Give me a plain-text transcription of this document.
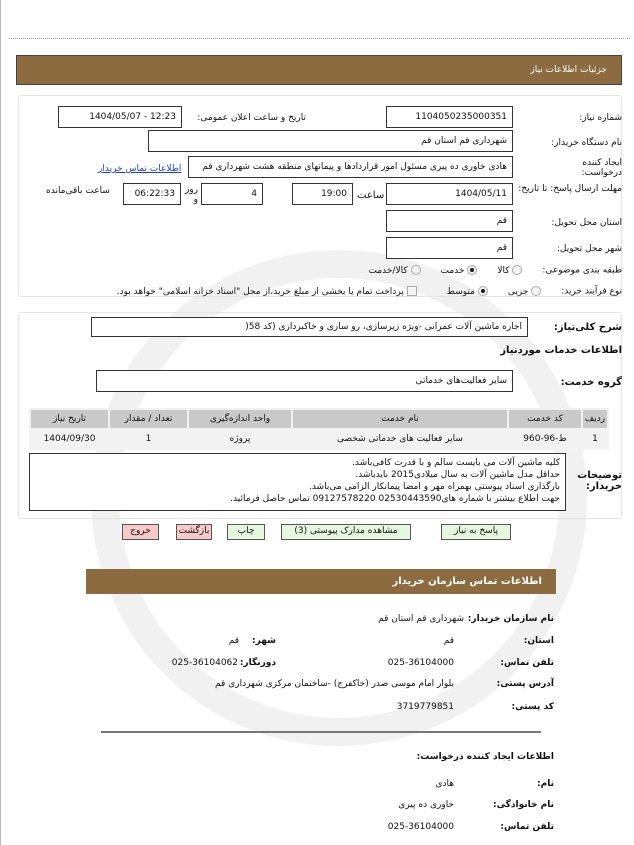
جزئیات اطلاعات نیاز
شماره نیاز:
1104050235000351
تاریخ و ساعت اعلان عمومی:
1404/05/07 - 12:23
نام دستگاه خریدار:
شهرداری قم استان قم
ایجاد کننده درخواست:
هادی خاوری ده پیری مسئول امور قراردادها و پیمانهای منطقه هشت شهرداری قم
اطلاعات تماس خریدار
مهلت ارسال پاسخ: تا تاریخ:
1404/05/11
ساعت
19:00
4
روز و
06:22:33
ساعت باقی‌مانده
استان محل تحویل:
قم
شهر محل تحویل:
قم
طبقه بندی موضوعی: کالا خدمت کالا/خدمت
نوع فرآیند خرید: جزیی متوسط پرداخت تمام یا بخشی از مبلغ خرید،از محل "اسناد خزانه اسلامی" خواهد بود.
شرح کلی‌نیاز:
اجاره ماشین آلات عمرانی -ویژه زیرسازی، رو سازی و خاکبرداری (کد 58(
اطلاعات خدمات موردنیاز
گروه خدمت:
سایر فعالیت‌های خدماتی
ردیف	کد خدمت	نام خدمت	واحد اندازه‌گیری	تعداد / مقدار	تاریخ نیاز
1	ط-96-960	سایر فعالیت های خدماتی شخصی	پروژه	1	1404/09/30
توضیحات خریدار:
کلیه ماشین آلات می بایست سالم و با قدرت کافی‌باشد.
حداقل مدل ماشین آلات به سال میلادی2015 بایدباشد.
بارگذاری اسناد پیوستی بهمراه مهر و امضا پیمانکار الزامی می‌باشد.
جهت اطلاع بیشتر با شماره های02530443590 09127578220 تماس حاصل فرمائید.
پاسخ به نیاز
مشاهده مدارک پیوستی (3)
چاپ
بازگشت
خروج
اطلاعات تماس سازمان خریدار
نام سازمان خریدار:
شهرداری قم استان قم
استان:
قم
شهر:
قم
تلفن تماس:
025-36104000
دورنگار:
025-36104062
آدرس پستی:
بلوار امام موسی صدر (خاکفرج) -ساختمان مرکزی شهرداری قم
کد پستی:
3719779851
اطلاعات ایجاد کننده درخواست:
نام:
هادی
نام خانوادگی:
خاوری ده پیری
تلفن تماس:
025-36104000
